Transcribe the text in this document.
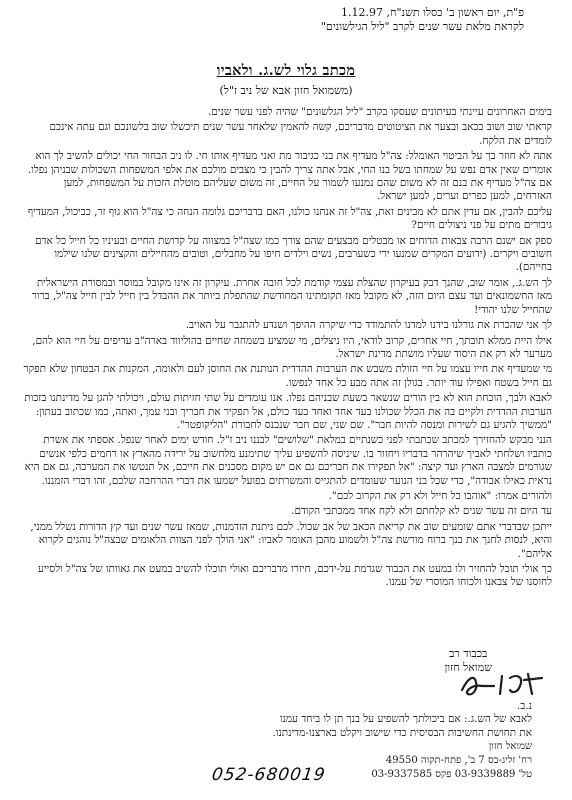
פ"ת, יום ראשון ב' כסלו תשנ"ח, 1.12.97
לקראת מלאת עשר שנים לקרב "ליל הגילשונים"
מכתב גלוי לש.ג. ולאביו
(משמואל חזון אבא של ניב ז"ל)
בימים האחרונים עיינתי בעיתונים שעסקו בקרב "ליל הגלשונים" שהיה לפני עשר שנים.
קראתי שוב ושוב בכאב ובצער את הציטוטים מדבריכם, קשה להאמין שלאחר עשר שנים תיכשלו שוב בלשונכם וגם עתה אינכם לומדים את הלקח.
אתה לא חוזר בך על הביטוי האומלל: צה"ל מעדיף את בני כגיבור מת ואני מעדיף אותו חי. לו ניב הבחור החי יכולים להשיב לך הוא אומרים שאין אדם נפש על שמחתו בשל בנו החי, אבל אתה צריך להבין כי מצבים מולכם את אלפי המשפחות השכולות שבניהן נפלו. אם צה"ל מעדיף את בנם זה לא משום שהם נמנעו לשמור על החיים, זה משום שעליהם מוטלת הזכות על המשפחות, למען האזרחים, למען כפרים וערים, למען ישראל.
עליכם להבין, אם עדין אתם לא מבינים זאת, צה"ל זה אנחנו כולנו, האם בדבריכם גלומה הנחה כי צה"ל הוא גוף זר, כביכול, המעדיף גיבורים מתים על פני ניצולים חיים?
ספק אם ישנם הרבה צבאות הדוחים או מבטלים מבצעים שהם צורך כמו שצה"ל במצווה על קדושת החיים ובעיניו כל חייל כל אדם חשובים ויקרים. (ידועים המקרים שמנעו ירי כשערבים, נשים וילדים חיפו על מחבלים, וטובים מהחיילים והקצינים שלנו שילמו בחייהם).
לך הש.ג., אומר שוב, שהנך דבק בעיקרון שהצלת עצמי קודמת לכל חובה אחרת. עיקרון זה אינו מקובל במוסר ובמסורת הישראלית מאז החשמונאים ועד עצם היום הזה, לא מקובל מאז תקומתינו המחודשת שהתפלת ביותר את ההבדל בין חייל לבין חייל צה"ל, ברור שהחייל שלנו יהודי!
לך אני שהכרת את גורלנו בידנו למדנו להתמודד כדי שיקרה ההיפך ושנדע להתגבר על האויב.
אילו היית ממלא תובתך, חיי אחרים, קרוב לודאי, היו ניצלים, מי שמציע בשמחה שחיים בהוליווד בארה"ב עדיפים על חיי הוא להם, מערער לא רק את היסוד שעליו מושתת מדינת ישראל.
מי שמעדיף את חייו עצמו על חיי הזולת משבש את הערבות ההדדית הנותנת את החוסן לעם ולאומה, המקנות את הבטחון שלא תפקר גם חייל בשטח ואפילו עוד יותר. בגולן זה אתה מבע כל אחד לנפשו.
לאבא ולבך, הוכחת הוא לא בין הורים שנשאר בשעת שבניהם נפלו. אנו עומדים על שתי חזיתות עולם, ויכולתי להגן על מדינתנו בזכות הערבות ההדדית ולקיים בה את הכלל שכולנו בעד אחד ואחד בעד כולם, אל תפקיר את חבריך ובני עמך, ואתה, כמו שכתוב בעתון: "ממשיך להגיע גם לשירות ומנסה להיות חבר". שם שני, שם חבר שנכנס לחבורת "הליקופטר".
הנני מבקש להחזירך למכתב שכתבתי לפני כשנתיים במלאת "שלושים" לבננו ניב ז"ל. חודש ימים לאחר שנפל. אספתי את אשרת כותביו ושלחתי לאביך שיהרהר בדבריו ויחזור בו. שיניסה להשפיע עליך שתימנע מלחשוב על ירידה מהארץ או רחמים כלפי אנשים שגורמים למצבה הארץ ועד קיצה: "אל תפקירו את חבריכם גם אם יש מקום מסכנים את חייכם, אל תנטשו את המערכה, גם אם היא נראית כאילו אבודה", כדי שכל בני הנוער שעומדים להתגייס והמשרתים בפועל ישמעו את דברי ההרחבה שלכם, זהו דברי הזמננו.
ולהורים אמרו: "אוהבו כל חייל ולא רק את הקרוב לכם".
עד היום זה עשר שנים לא קלחתם ולא לקח אחד ממכתבי הקודם.
ייתכן שבדברי אתם שומעים שוב את קריאת הכאב של אב שכול. לכם ניתנת הזדמנות, שמאז עשר שנים ועד קץ הדורות נשלל ממני, והיא, לנסות לחנך את בנך ברוח מורשת צה"ל ולשמוע מהבן האומר לאביו: "אני הולך לפני הצוות הלאומים שבצה"ל נוהגים לקרוא אליהם".
כך אולי תוכל להחזיר ולו במעט את הכבוד שגרמת על-ידכם, חיזרו מדבריכם ואולי תוכלו להשיב במעט את גאוותו של צה"ל ולסייע לחוסנו של צבאנו ולכוחו המוסרי של עמנו.
בכבוד רב
שמואל חזון
נ.ב.
לאבא של הש.ג.: אם ביכולתך להשפיע על בנך תן לו ביחד עמנו
את תחושת החשיבות הבסיסית כדי שישוב ויקלט בארצנו-מדינתנו.
שמואל חזון
רח' זליג-בס 7 ב', פתח-תקוה 49550
טל' 03-9339889 פקס 03-9337585
052-680019
